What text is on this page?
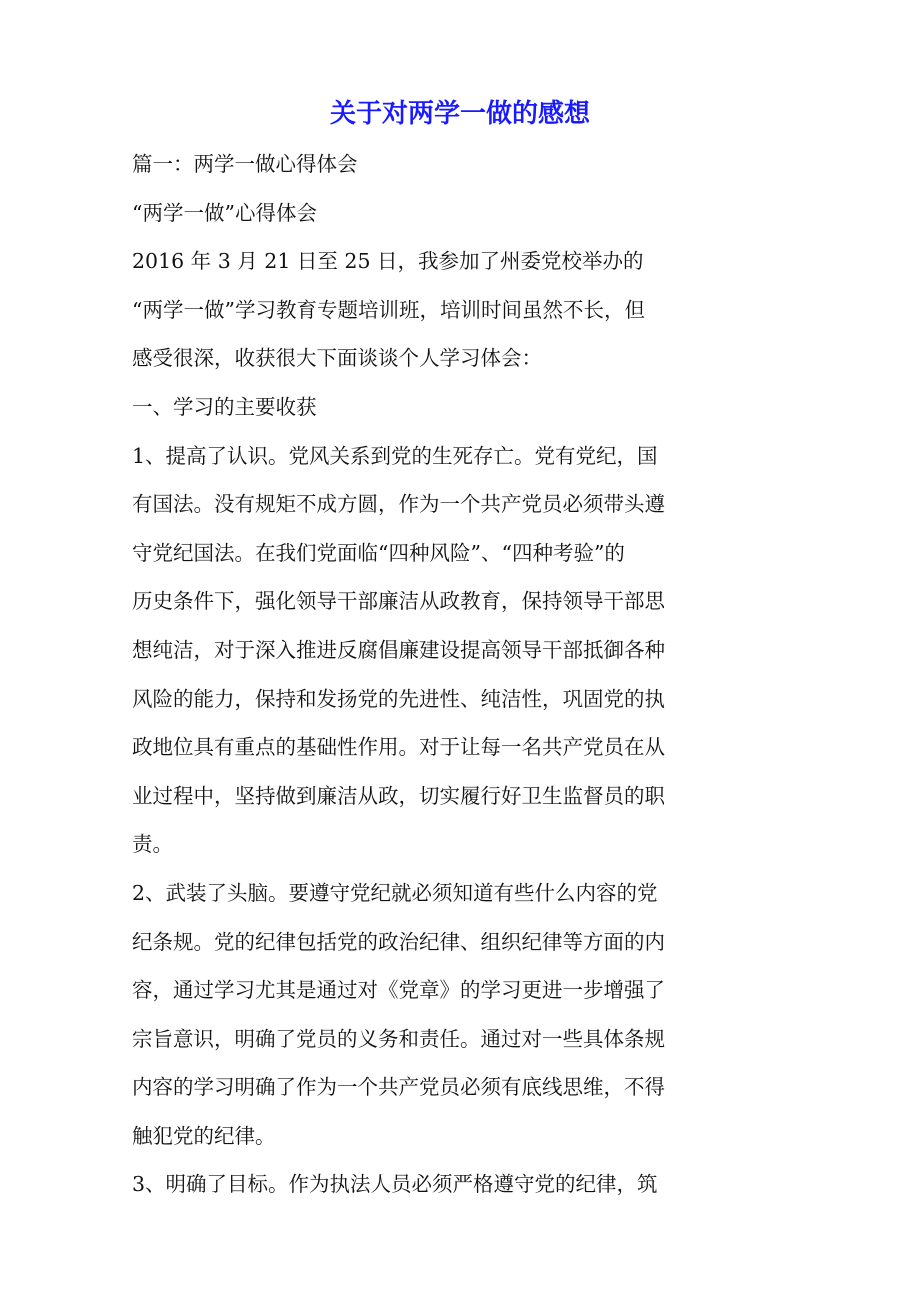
关于对两学一做的感想
篇一：两学一做心得体会
“两学一做”心得体会
2016 年 3 月 21 日至 25 日，我参加了州委党校举办的
“两学一做”学习教育专题培训班，培训时间虽然不长，但
感受很深，收获很大下面谈谈个人学习体会：
一、学习的主要收获
1、提高了认识。党风关系到党的生死存亡。党有党纪，国
有国法。没有规矩不成方圆，作为一个共产党员必须带头遵
守党纪国法。在我们党面临“四种风险”、“四种考验”的
历史条件下，强化领导干部廉洁从政教育，保持领导干部思
想纯洁，对于深入推进反腐倡廉建设提高领导干部抵御各种
风险的能力，保持和发扬党的先进性、纯洁性，巩固党的执
政地位具有重点的基础性作用。对于让每一名共产党员在从
业过程中，坚持做到廉洁从政，切实履行好卫生监督员的职
责。
2、武装了头脑。要遵守党纪就必须知道有些什么内容的党
纪条规。党的纪律包括党的政治纪律、组织纪律等方面的内
容，通过学习尤其是通过对《党章》的学习更进一步增强了
宗旨意识，明确了党员的义务和责任。通过对一些具体条规
内容的学习明确了作为一个共产党员必须有底线思维，不得
触犯党的纪律。
3、明确了目标。作为执法人员必须严格遵守党的纪律，筑
